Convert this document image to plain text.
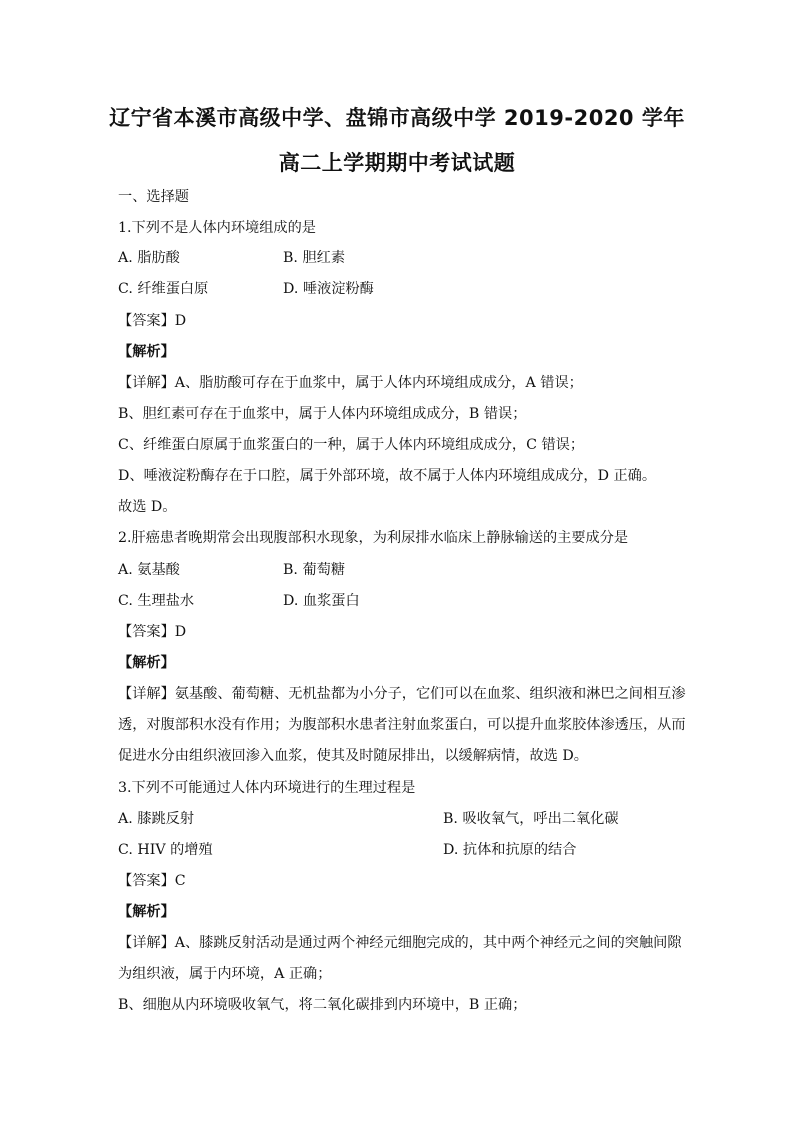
辽宁省本溪市高级中学、盘锦市高级中学 2019-2020 学年
高二上学期期中考试试题
一、选择题
1.下列不是人体内环境组成的是
A. 脂肪酸	B. 胆红素
C. 纤维蛋白原	D. 唾液淀粉酶
【答案】D
【解析】
【详解】A、脂肪酸可存在于血浆中，属于人体内环境组成成分，A 错误；
B、胆红素可存在于血浆中，属于人体内环境组成成分，B 错误；
C、纤维蛋白原属于血浆蛋白的一种，属于人体内环境组成成分，C 错误；
D、唾液淀粉酶存在于口腔，属于外部环境，故不属于人体内环境组成成分，D 正确。
故选 D。
2.肝癌患者晚期常会出现腹部积水现象，为利尿排水临床上静脉输送的主要成分是
A. 氨基酸	B. 葡萄糖
C. 生理盐水	D. 血浆蛋白
【答案】D
【解析】
【详解】氨基酸、葡萄糖、无机盐都为小分子，它们可以在血浆、组织液和淋巴之间相互渗
透，对腹部积水没有作用；为腹部积水患者注射血浆蛋白，可以提升血浆胶体渗透压，从而
促进水分由组织液回渗入血浆，使其及时随尿排出，以缓解病情，故选 D。
3.下列不可能通过人体内环境进行的生理过程是
A. 膝跳反射	B. 吸收氧气，呼出二氧化碳
C. HIV 的增殖	D. 抗体和抗原的结合
【答案】C
【解析】
【详解】A、膝跳反射活动是通过两个神经元细胞完成的，其中两个神经元之间的突触间隙
为组织液，属于内环境，A 正确；
B、细胞从内环境吸收氧气，将二氧化碳排到内环境中，B 正确；
